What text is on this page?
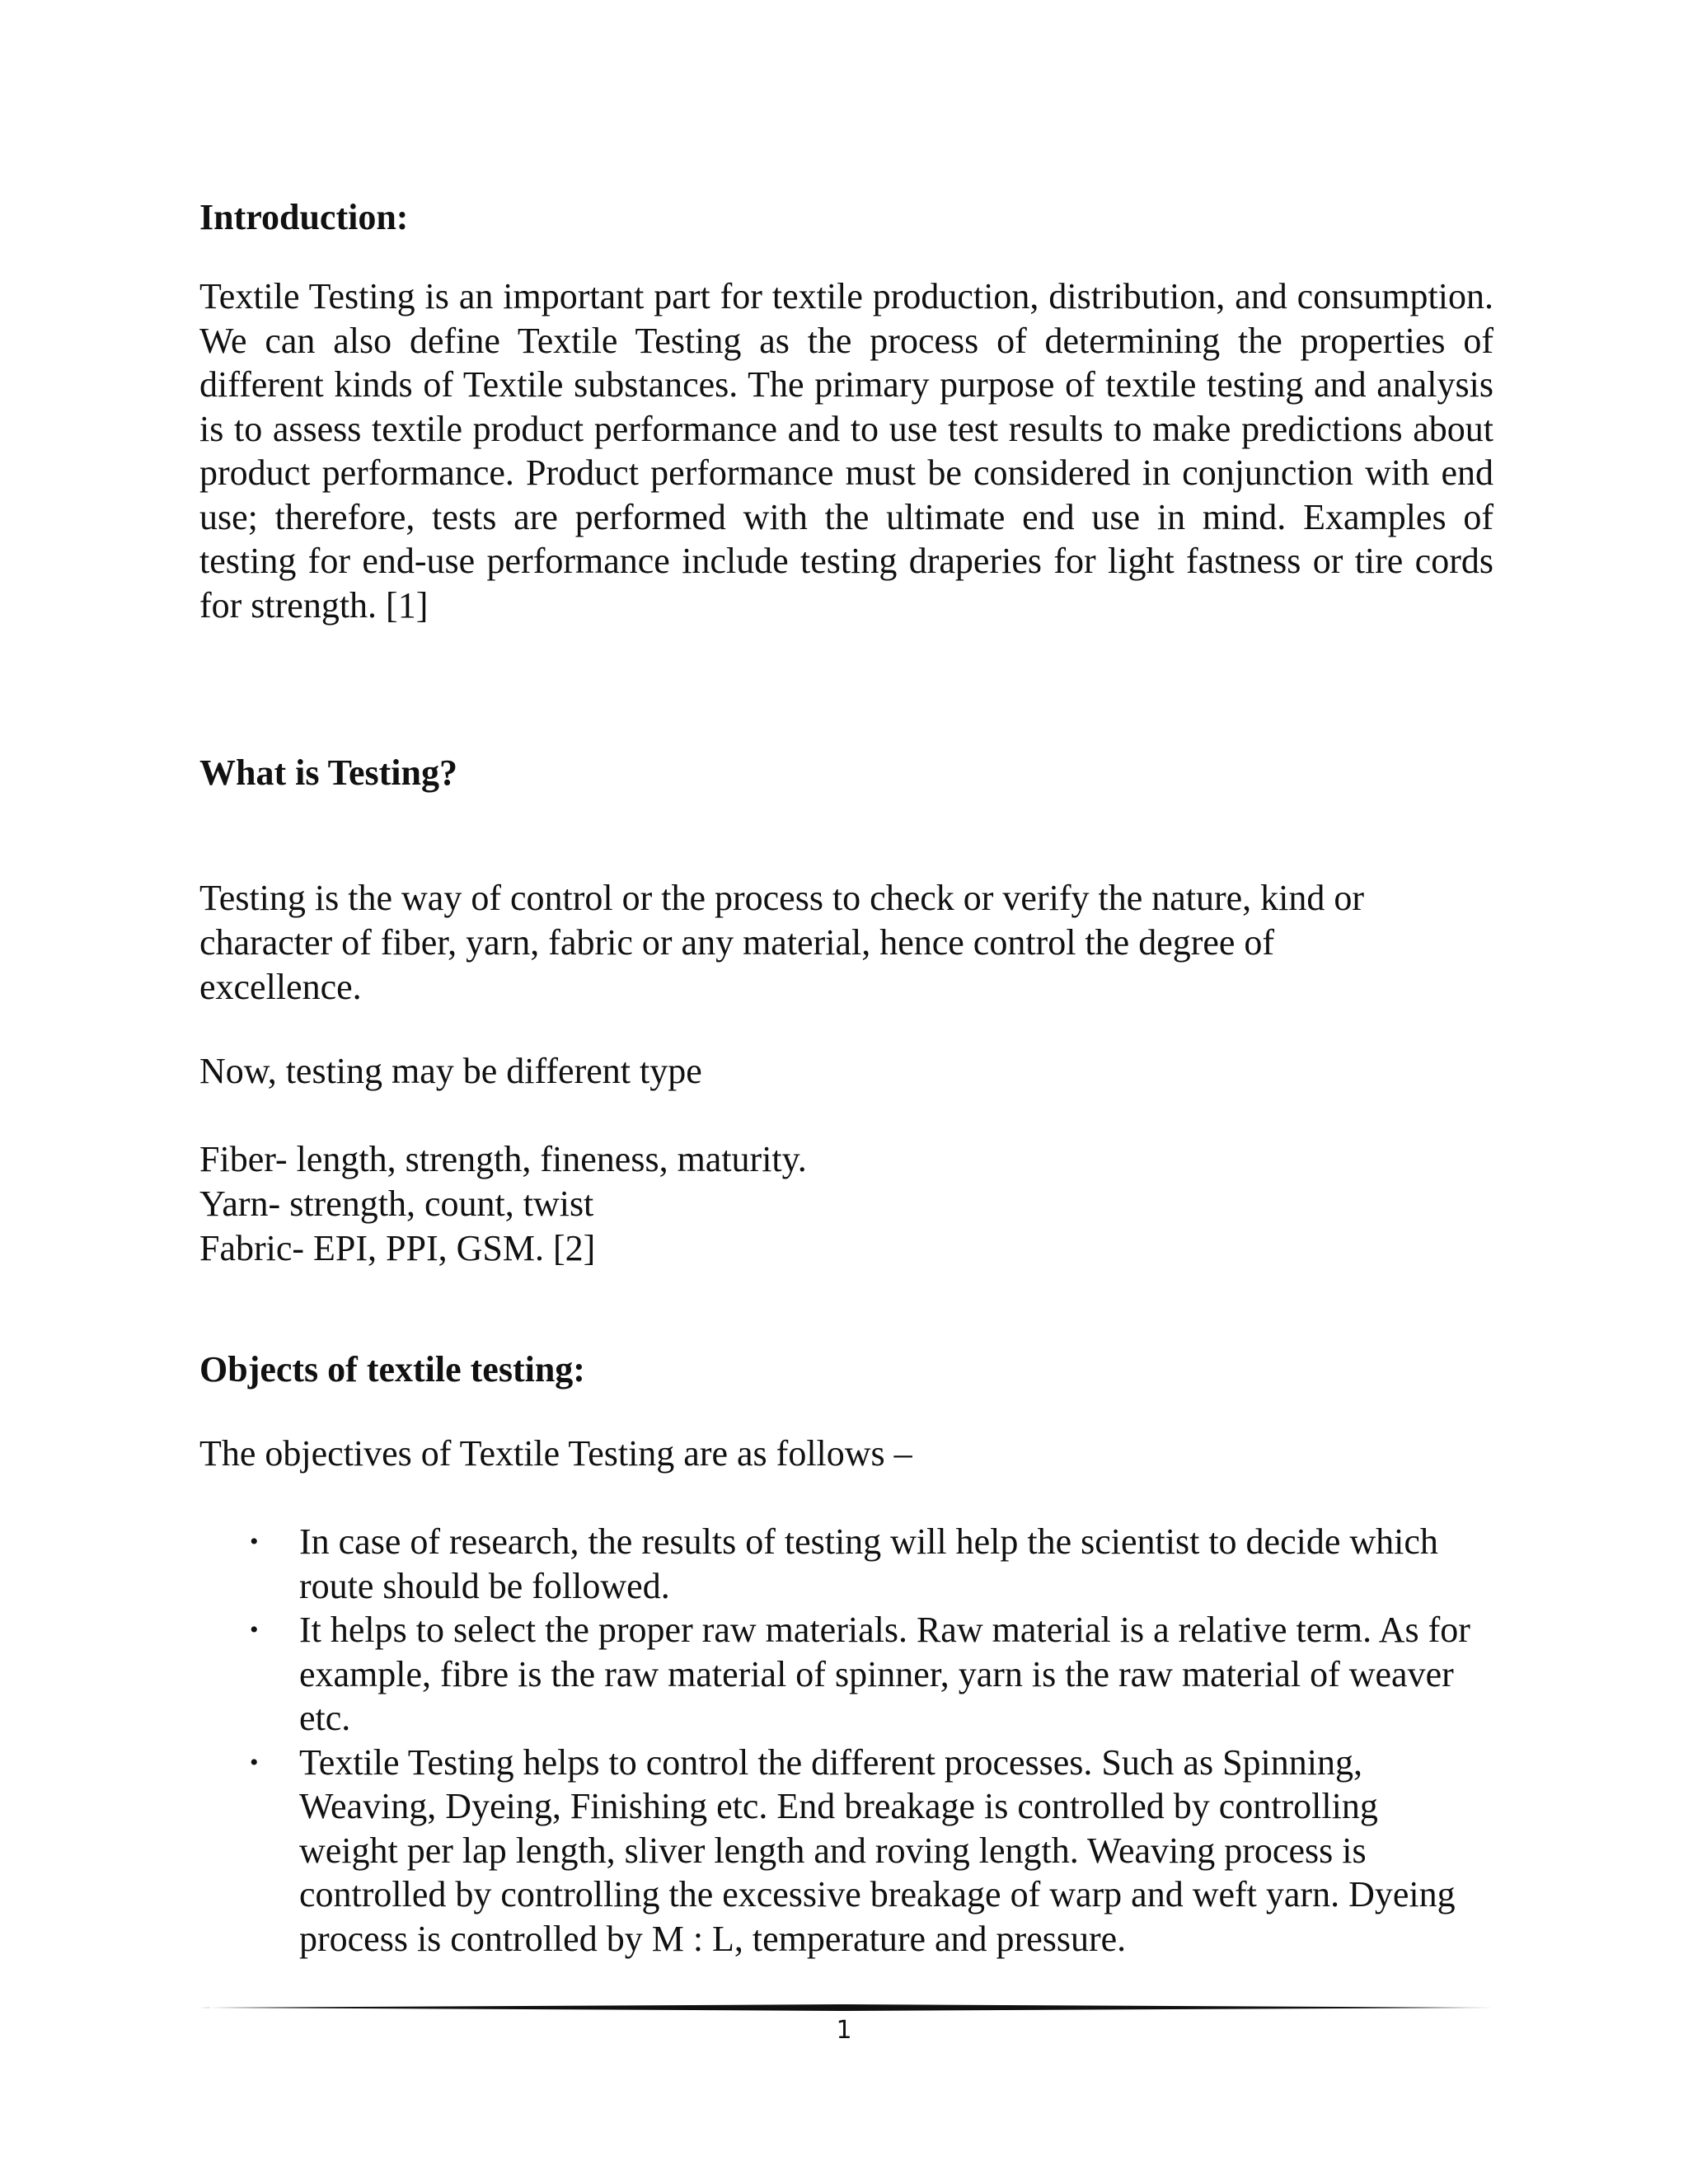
Introduction:

Textile Testing is an important part for textile production, distribution, and consumption. We can also define Textile Testing as the process of determining the properties of different kinds of Textile substances. The primary purpose of textile testing and analysis is to assess textile product performance and to use test results to make predictions about product performance. Product performance must be considered in conjunction with end use; therefore, tests are performed with the ultimate end use in mind. Examples of testing for end-use performance include testing draperies for light fastness or tire cords for strength. [1]

What is Testing?

Testing is the way of control or the process to check or verify the nature, kind or

character of fiber, yarn, fabric or any material, hence control the degree of

excellence.

Now, testing may be different type

Fiber- length, strength, fineness, maturity.

Yarn- strength, count, twist

Fabric- EPI, PPI, GSM. [2]

Objects of textile testing:

The objectives of Textile Testing are as follows –

• In case of research, the results of testing will help the scientist to decide which route should be followed.
• It helps to select the proper raw materials. Raw material is a relative term. As for example, fibre is the raw material of spinner, yarn is the raw material of weaver etc.
• Textile Testing helps to control the different processes. Such as Spinning, Weaving, Dyeing, Finishing etc. End breakage is controlled by controlling weight per lap length, sliver length and roving length. Weaving process is controlled by controlling the excessive breakage of warp and weft yarn. Dyeing process is controlled by M : L, temperature and pressure.
1
